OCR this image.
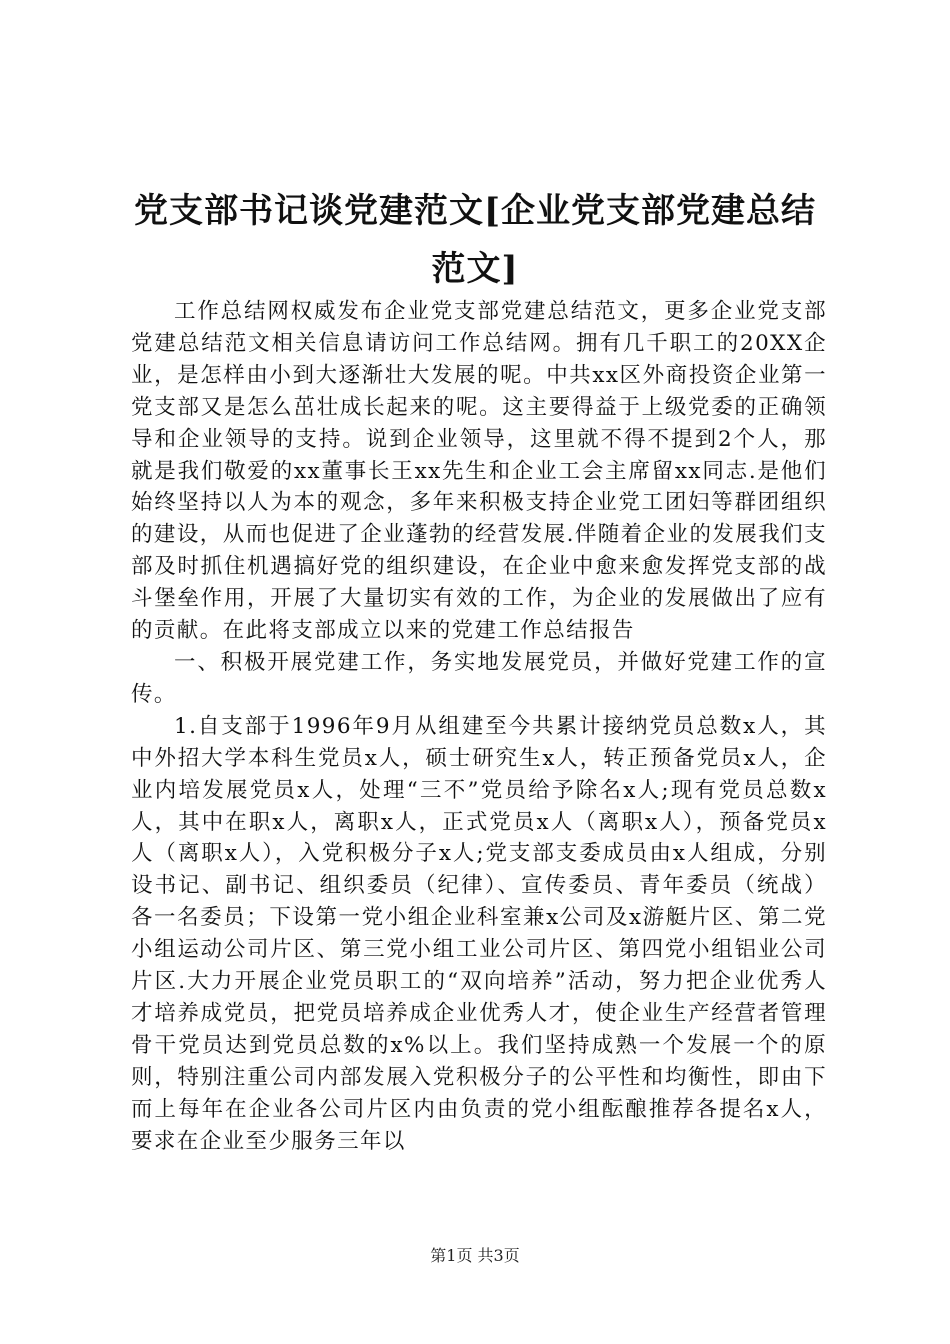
党支部书记谈党建范文[企业党支部党建总结
范文]

工作总结网权威发布企业党支部党建总结范文，更多企业党支部党建总结范文相关信息请访问工作总结网。拥有几千职工的20XX企业，是怎样由小到大逐渐壮大发展的呢。中共xx区外商投资企业第一党支部又是怎么茁壮成长起来的呢。这主要得益于上级党委的正确领导和企业领导的支持。说到企业领导，这里就不得不提到2个人，那就是我们敬爱的xx董事长王xx先生和企业工会主席留xx同志.是他们始终坚持以人为本的观念，多年来积极支持企业党工团妇等群团组织的建设，从而也促进了企业蓬勃的经营发展.伴随着企业的发展我们支部及时抓住机遇搞好党的组织建设，在企业中愈来愈发挥党支部的战斗堡垒作用，开展了大量切实有效的工作，为企业的发展做出了应有的贡献。在此将支部成立以来的党建工作总结报告

一、积极开展党建工作，务实地发展党员，并做好党建工作的宣传。

1.自支部于1996年9月从组建至今共累计接纳党员总数x人，其中外招大学本科生党员x人，硕士研究生x人，转正预备党员x人，企业内培发展党员x人，处理“三不”党员给予除名x人;现有党员总数x人，其中在职x人，离职x人，正式党员x人（离职x人），预备党员x人（离职x人），入党积极分子x人;党支部支委成员由x人组成，分别设书记、副书记、组织委员（纪律）、宣传委员、青年委员（统战）各一名委员；下设第一党小组企业科室兼x公司及x游艇片区、第二党小组运动公司片区、第三党小组工业公司片区、第四党小组铝业公司片区.大力开展企业党员职工的“双向培养”活动，努力把企业优秀人才培养成党员，把党员培养成企业优秀人才，使企业生产经营者管理骨干党员达到党员总数的x%以上。我们坚持成熟一个发展一个的原则，特别注重公司内部发展入党积极分子的公平性和均衡性，即由下而上每年在企业各公司片区内由负责的党小组酝酿推荐各提名x人，要求在企业至少服务三年以

第1页 共3页
